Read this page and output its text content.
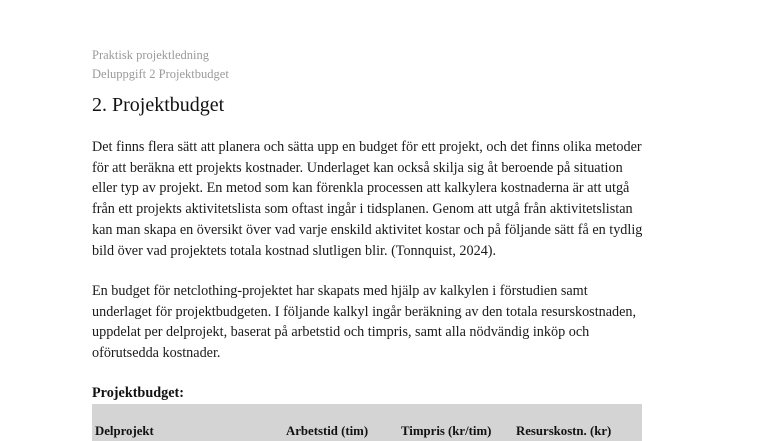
Praktisk projektledning
Deluppgift 2 Projektbudget
2. Projektbudget
Det finns flera sätt att planera och sätta upp en budget för ett projekt, och det finns olika metoder
för att beräkna ett projekts kostnader. Underlaget kan också skilja sig åt beroende på situation
eller typ av projekt. En metod som kan förenkla processen att kalkylera kostnaderna är att utgå
från ett projekts aktivitetslista som oftast ingår i tidsplanen. Genom att utgå från aktivitetslistan
kan man skapa en översikt över vad varje enskild aktivitet kostar och på följande sätt få en tydlig
bild över vad projektets totala kostnad slutligen blir. (Tonnquist, 2024).
En budget för netclothing-projektet har skapats med hjälp av kalkylen i förstudien samt
underlaget för projektbudgeten. I följande kalkyl ingår beräkning av den totala resurskostnaden,
uppdelat per delprojekt, baserat på arbetstid och timpris, samt alla nödvändig inköp och
oförutsedda kostnader.
Projektbudget:
Delprojekt	Arbetstid (tim)	Timpris (kr/tim) Resurskostn. (kr)
